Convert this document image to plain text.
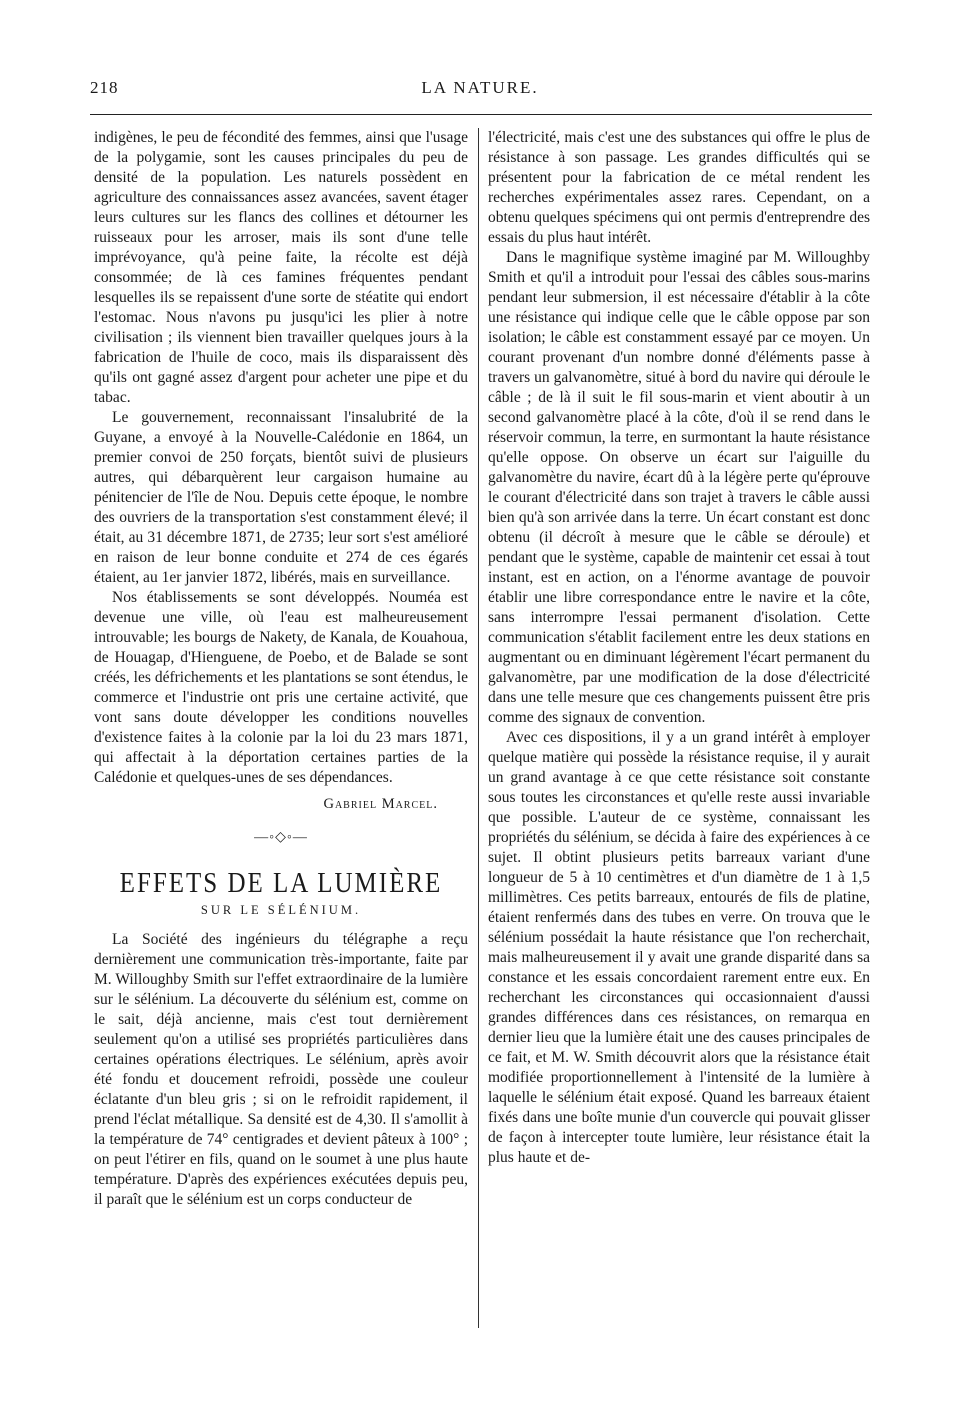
218	LA NATURE.

indigènes, le peu de fécondité des femmes, ainsi que l'usage de la polygamie, sont les causes principales du peu de densité de la population. Les naturels possèdent en agriculture des connaissances assez avancées, savent étager leurs cultures sur les flancs des collines et détourner les ruisseaux pour les arroser, mais ils sont d'une telle imprévoyance, qu'à peine faite, la récolte est déjà consommée; de là ces famines fréquentes pendant lesquelles ils se repaissent d'une sorte de stéatite qui endort l'estomac. Nous n'avons pu jusqu'ici les plier à notre civilisation ; ils viennent bien travailler quelques jours à la fabrication de l'huile de coco, mais ils disparaissent dès qu'ils ont gagné assez d'argent pour acheter une pipe et du tabac.

Le gouvernement, reconnaissant l'insalubrité de la Guyane, a envoyé à la Nouvelle-Calédonie en 1864, un premier convoi de 250 forçats, bientôt suivi de plusieurs autres, qui débarquèrent leur cargaison humaine au pénitencier de l'île de Nou. Depuis cette époque, le nombre des ouvriers de la transportation s'est constamment élevé; il était, au 31 décembre 1871, de 2735; leur sort s'est amélioré en raison de leur bonne conduite et 274 de ces égarés étaient, au 1er janvier 1872, libérés, mais en surveillance.

Nos établissements se sont développés. Nouméa est devenue une ville, où l'eau est malheureusement introuvable; les bourgs de Nakety, de Kanala, de Kouahoua, de Houagap, d'Hienguene, de Poebo, et de Balade se sont créés, les défrichements et les plantations se sont étendus, le commerce et l'industrie ont pris une certaine activité, que vont sans doute développer les conditions nouvelles d'existence faites à la colonie par la loi du 23 mars 1871, qui affectait à la déportation certaines parties de la Calédonie et quelques-unes de ses dépendances.

Gabriel Marcel.
—◦◇◦—
EFFETS DE LA LUMIÈRE
SUR LE SÉLÉNIUM.

La Société des ingénieurs du télégraphe a reçu dernièrement une communication très-importante, faite par M. Willoughby Smith sur l'effet extraordinaire de la lumière sur le sélénium. La découverte du sélénium est, comme on le sait, déjà ancienne, mais c'est tout dernièrement seulement qu'on a utilisé ses propriétés particulières dans certaines opérations électriques. Le sélénium, après avoir été fondu et doucement refroidi, possède une couleur éclatante d'un bleu gris ; si on le refroidit rapidement, il prend l'éclat métallique. Sa densité est de 4,30. Il s'amollit à la température de 74° centigrades et devient pâteux à 100° ; on peut l'étirer en fils, quand on le soumet à une plus haute température. D'après des expériences exécutées depuis peu, il paraît que le sélénium est un corps conducteur de

l'électricité, mais c'est une des substances qui offre le plus de résistance à son passage. Les grandes difficultés qui se présentent pour la fabrication de ce métal rendent les recherches expérimentales assez rares. Cependant, on a obtenu quelques spécimens qui ont permis d'entreprendre des essais du plus haut intérêt.

Dans le magnifique système imaginé par M. Willoughby Smith et qu'il a introduit pour l'essai des câbles sous-marins pendant leur submersion, il est nécessaire d'établir à la côte une résistance qui indique celle que le câble oppose par son isolation; le câble est constamment essayé par ce moyen. Un courant provenant d'un nombre donné d'éléments passe à travers un galvanomètre, situé à bord du navire qui déroule le câble ; de là il suit le fil sous-marin et vient aboutir à un second galvanomètre placé à la côte, d'où il se rend dans le réservoir commun, la terre, en surmontant la haute résistance qu'elle oppose. On observe un écart sur l'aiguille du galvanomètre du navire, écart dû à la légère perte qu'éprouve le courant d'électricité dans son trajet à travers le câble aussi bien qu'à son arrivée dans la terre. Un écart constant est donc obtenu (il décroît à mesure que le câble se déroule) et pendant que le système, capable de maintenir cet essai à tout instant, est en action, on a l'énorme avantage de pouvoir établir une libre correspondance entre le navire et la côte, sans interrompre l'essai permanent d'isolation. Cette communication s'établit facilement entre les deux stations en augmentant ou en diminuant légèrement l'écart permanent du galvanomètre, par une modification de la dose d'électricité dans une telle mesure que ces changements puissent être pris comme des signaux de convention.

Avec ces dispositions, il y a un grand intérêt à employer quelque matière qui possède la résistance requise, il y aurait un grand avantage à ce que cette résistance soit constante sous toutes les circonstances et qu'elle reste aussi invariable que possible. L'auteur de ce système, connaissant les propriétés du sélénium, se décida à faire des expériences à ce sujet. Il obtint plusieurs petits barreaux variant d'une longueur de 5 à 10 centimètres et d'un diamètre de 1 à 1,5 millimètres. Ces petits barreaux, entourés de fils de platine, étaient renfermés dans des tubes en verre. On trouva que le sélénium possédait la haute résistance que l'on recherchait, mais malheureusement il y avait une grande disparité dans sa constance et les essais concordaient rarement entre eux. En recherchant les circonstances qui occasionnaient d'aussi grandes différences dans ces résistances, on remarqua en dernier lieu que la lumière était une des causes principales de ce fait, et M. W. Smith découvrit alors que la résistance était modifiée proportionnellement à l'intensité de la lumière à laquelle le sélénium était exposé. Quand les barreaux étaient fixés dans une boîte munie d'un couvercle qui pouvait glisser de façon à intercepter toute lumière, leur résistance était la plus haute et de-
